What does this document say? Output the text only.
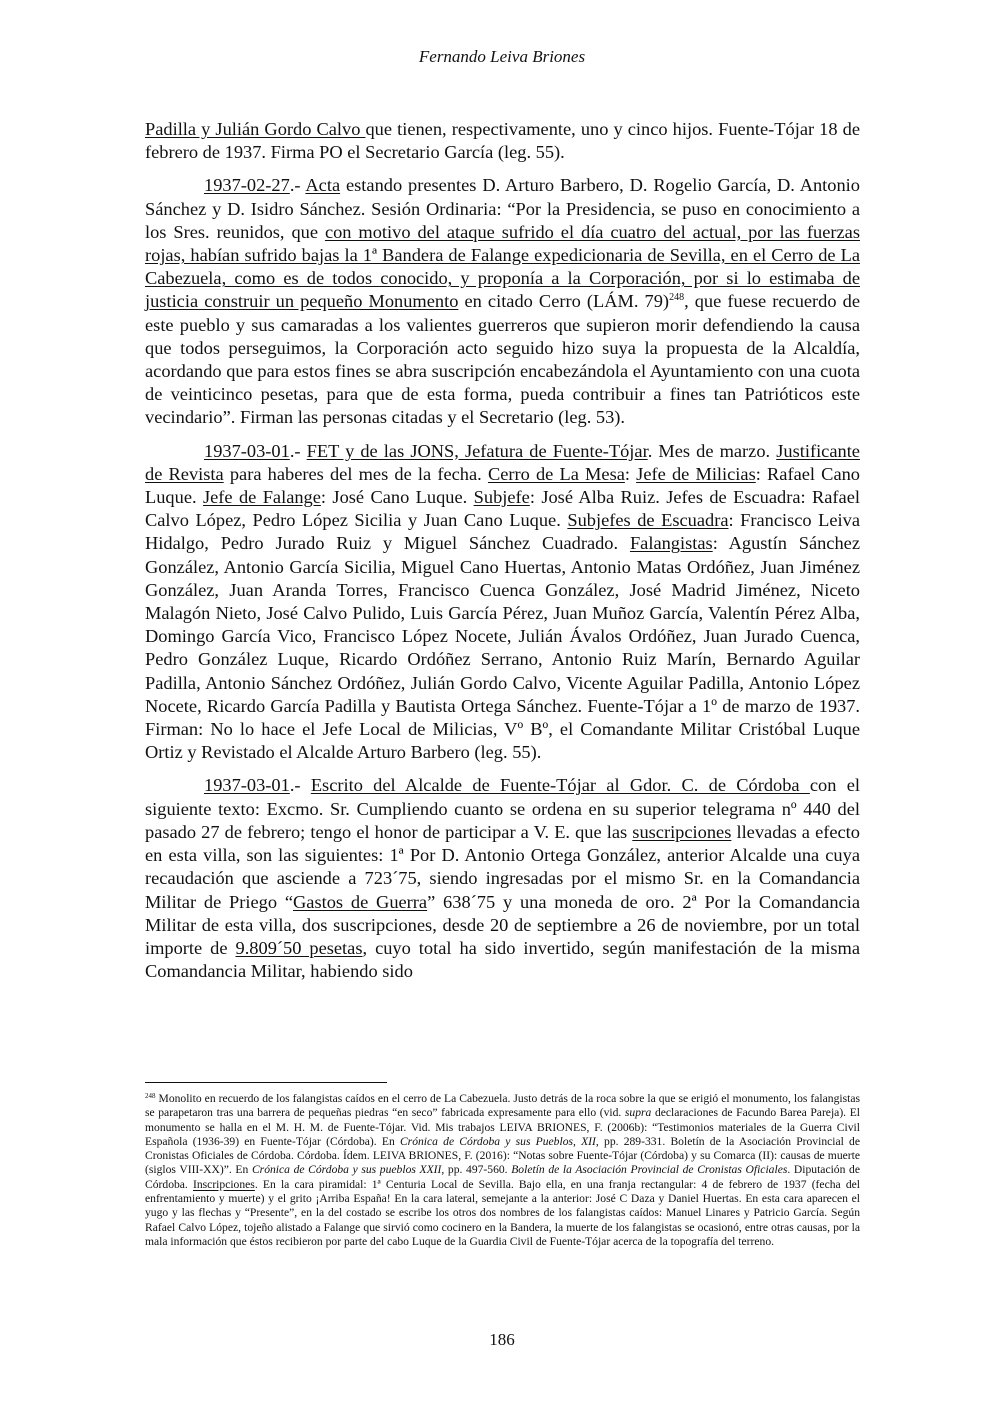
Fernando Leiva Briones

Padilla y Julián Gordo Calvo que tienen, respectivamente, uno y cinco hijos. Fuente-Tójar 18 de febrero de 1937. Firma PO el Secretario García (leg. 55).

1937-02-27.- Acta estando presentes D. Arturo Barbero, D. Rogelio García, D. Antonio Sánchez y D. Isidro Sánchez. Sesión Ordinaria: “Por la Presidencia, se puso en conocimiento a los Sres. reunidos, que con motivo del ataque sufrido el día cuatro del actual, por las fuerzas rojas, habían sufrido bajas la 1ª Bandera de Falange expedicionaria de Sevilla, en el Cerro de La Cabezuela, como es de todos conocido, y proponía a la Corporación, por si lo estimaba de justicia construir un pequeño Monumento en citado Cerro (LÁM. 79)$^{248}$, que fuese recuerdo de este pueblo y sus camaradas a los valientes guerreros que supieron morir defendiendo la causa que todos perseguimos, la Corporación acto seguido hizo suya la propuesta de la Alcaldía, acordando que para estos fines se abra suscripción encabezándola el Ayuntamiento con una cuota de veinticinco pesetas, para que de esta forma, pueda contribuir a fines tan Patrióticos este vecindario”. Firman las personas citadas y el Secretario (leg. 53).

1937-03-01.- FET y de las JONS, Jefatura de Fuente-Tójar. Mes de marzo. Justificante de Revista para haberes del mes de la fecha. Cerro de La Mesa: Jefe de Milicias: Rafael Cano Luque. Jefe de Falange: José Cano Luque. Subjefe: José Alba Ruiz. Jefes de Escuadra: Rafael Calvo López, Pedro López Sicilia y Juan Cano Luque. Subjefes de Escuadra: Francisco Leiva Hidalgo, Pedro Jurado Ruiz y Miguel Sánchez Cuadrado. Falangistas: Agustín Sánchez González, Antonio García Sicilia, Miguel Cano Huertas, Antonio Matas Ordóñez, Juan Jiménez González, Juan Aranda Torres, Francisco Cuenca González, José Madrid Jiménez, Niceto Malagón Nieto, José Calvo Pulido, Luis García Pérez, Juan Muñoz García, Valentín Pérez Alba, Domingo García Vico, Francisco López Nocete, Julián Ávalos Ordóñez, Juan Jurado Cuenca, Pedro González Luque, Ricardo Ordóñez Serrano, Antonio Ruiz Marín, Bernardo Aguilar Padilla, Antonio Sánchez Ordóñez, Julián Gordo Calvo, Vicente Aguilar Padilla, Antonio López Nocete, Ricardo García Padilla y Bautista Ortega Sánchez. Fuente-Tójar a 1º de marzo de 1937. Firman: No lo hace el Jefe Local de Milicias, Vº Bº, el Comandante Militar Cristóbal Luque Ortiz y Revistado el Alcalde Arturo Barbero (leg. 55).

1937-03-01.- Escrito del Alcalde de Fuente-Tójar al Gdor. C. de Córdoba con el siguiente texto: Excmo. Sr. Cumpliendo cuanto se ordena en su superior telegrama nº 440 del pasado 27 de febrero; tengo el honor de participar a V. E. que las suscripciones llevadas a efecto en esta villa, son las siguientes: 1ª Por D. Antonio Ortega González, anterior Alcalde una cuya recaudación que asciende a 723´75, siendo ingresadas por el mismo Sr. en la Comandancia Militar de Priego “Gastos de Guerra” 638´75 y una moneda de oro. 2ª Por la Comandancia Militar de esta villa, dos suscripciones, desde 20 de septiembre a 26 de noviembre, por un total importe de 9.809´50 pesetas, cuyo total ha sido invertido, según manifestación de la misma Comandancia Militar, habiendo sido

$^{248}$ Monolito en recuerdo de los falangistas caídos en el cerro de La Cabezuela. Justo detrás de la roca sobre la que se erigió el monumento, los falangistas se parapetaron tras una barrera de pequeñas piedras “en seco” fabricada expresamente para ello (vid. supra declaraciones de Facundo Barea Pareja). El monumento se halla en el M. H. M. de Fuente-Tójar. Vid. Mis trabajos LEIVA BRIONES, F. (2006b): “Testimonios materiales de la Guerra Civil Española (1936-39) en Fuente-Tójar (Córdoba). En Crónica de Córdoba y sus Pueblos, XII, pp. 289-331. Boletín de la Asociación Provincial de Cronistas Oficiales de Córdoba. Córdoba. Ídem. LEIVA BRIONES, F. (2016): “Notas sobre Fuente-Tójar (Córdoba) y su Comarca (II): causas de muerte (siglos VIII-XX)”. En Crónica de Córdoba y sus pueblos XXII, pp. 497-560. Boletín de la Asociación Provincial de Cronistas Oficiales. Diputación de Córdoba. Inscripciones. En la cara piramidal: 1ª Centuria Local de Sevilla. Bajo ella, en una franja rectangular: 4 de febrero de 1937 (fecha del enfrentamiento y muerte) y el grito ¡Arriba España! En la cara lateral, semejante a la anterior: José C Daza y Daniel Huertas. En esta cara aparecen el yugo y las flechas y “Presente”, en la del costado se escribe los otros dos nombres de los falangistas caídos: Manuel Linares y Patricio García. Según Rafael Calvo López, tojeño alistado a Falange que sirvió como cocinero en la Bandera, la muerte de los falangistas se ocasionó, entre otras causas, por la mala información que éstos recibieron por parte del cabo Luque de la Guardia Civil de Fuente-Tójar acerca de la topografía del terreno.
186
